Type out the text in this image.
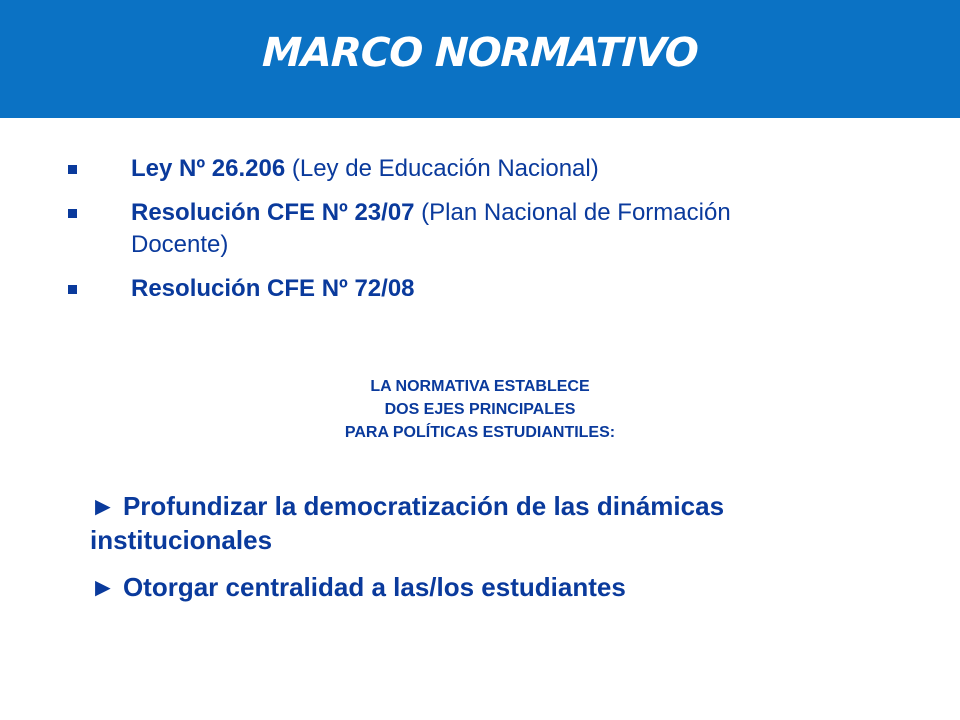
MARCO NORMATIVO
Ley Nº 26.206 (Ley de Educación Nacional)
Resolución CFE Nº 23/07 (Plan Nacional de Formación Docente)
Resolución CFE Nº 72/08
LA NORMATIVA ESTABLECE
DOS EJES PRINCIPALES
PARA POLÍTICAS ESTUDIANTILES:
► Profundizar la democratización de las dinámicas institucionales
► Otorgar centralidad a las/los estudiantes
